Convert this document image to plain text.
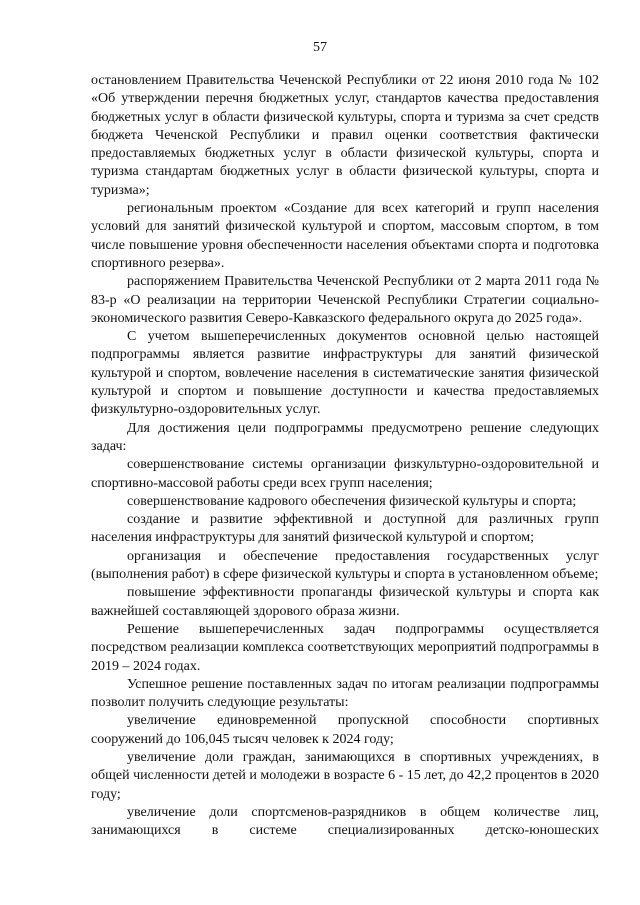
57

остановлением Правительства Чеченской Республики от 22 июня 2010 года № 102 «Об утверждении перечня бюджетных услуг, стандартов качества предоставления бюджетных услуг в области физической культуры, спорта и туризма за счет средств бюджета Чеченской Республики и правил оценки соответствия фактически предоставляемых бюджетных услуг в области физической культуры, спорта и туризма стандартам бюджетных услуг в области физической культуры, спорта и туризма»;

региональным проектом «Создание для всех категорий и групп населения условий для занятий физической культурой и спортом, массовым спортом, в том числе повышение уровня обеспеченности населения объектами спорта и подготовка спортивного резерва».

распоряжением Правительства Чеченской Республики от 2 марта 2011 года № 83-р «О реализации на территории Чеченской Республики Стратегии социально-экономического развития Северо-Кавказского федерального округа до 2025 года».

С учетом вышеперечисленных документов основной целью настоящей подпрограммы является развитие инфраструктуры для занятий физической культурой и спортом, вовлечение населения в систематические занятия физической культурой и спортом и повышение доступности и качества предоставляемых физкультурно-оздоровительных услуг.

Для достижения цели подпрограммы предусмотрено решение следующих задач:

совершенствование системы организации физкультурно-оздоровительной и спортивно-массовой работы среди всех групп населения;

совершенствование кадрового обеспечения физической культуры и спорта;

создание и развитие эффективной и доступной для различных групп населения инфраструктуры для занятий физической культурой и спортом;

организация и обеспечение предоставления государственных услуг (выполнения работ) в сфере физической культуры и спорта в установленном объеме;

повышение эффективности пропаганды физической культуры и спорта как важнейшей составляющей здорового образа жизни.

Решение вышеперечисленных задач подпрограммы осуществляется посредством реализации комплекса соответствующих мероприятий подпрограммы в 2019 – 2024 годах.

Успешное решение поставленных задач по итогам реализации подпрограммы позволит получить следующие результаты:

увеличение единовременной пропускной способности спортивных сооружений до 106,045 тысяч человек к 2024 году;

увеличение доли граждан, занимающихся в спортивных учреждениях, в общей численности детей и молодежи в возрасте 6 - 15 лет, до 42,2 процентов в 2020 году;

увеличение доли спортсменов-разрядников в общем количестве лиц, занимающихся в системе специализированных детско-юношеских
